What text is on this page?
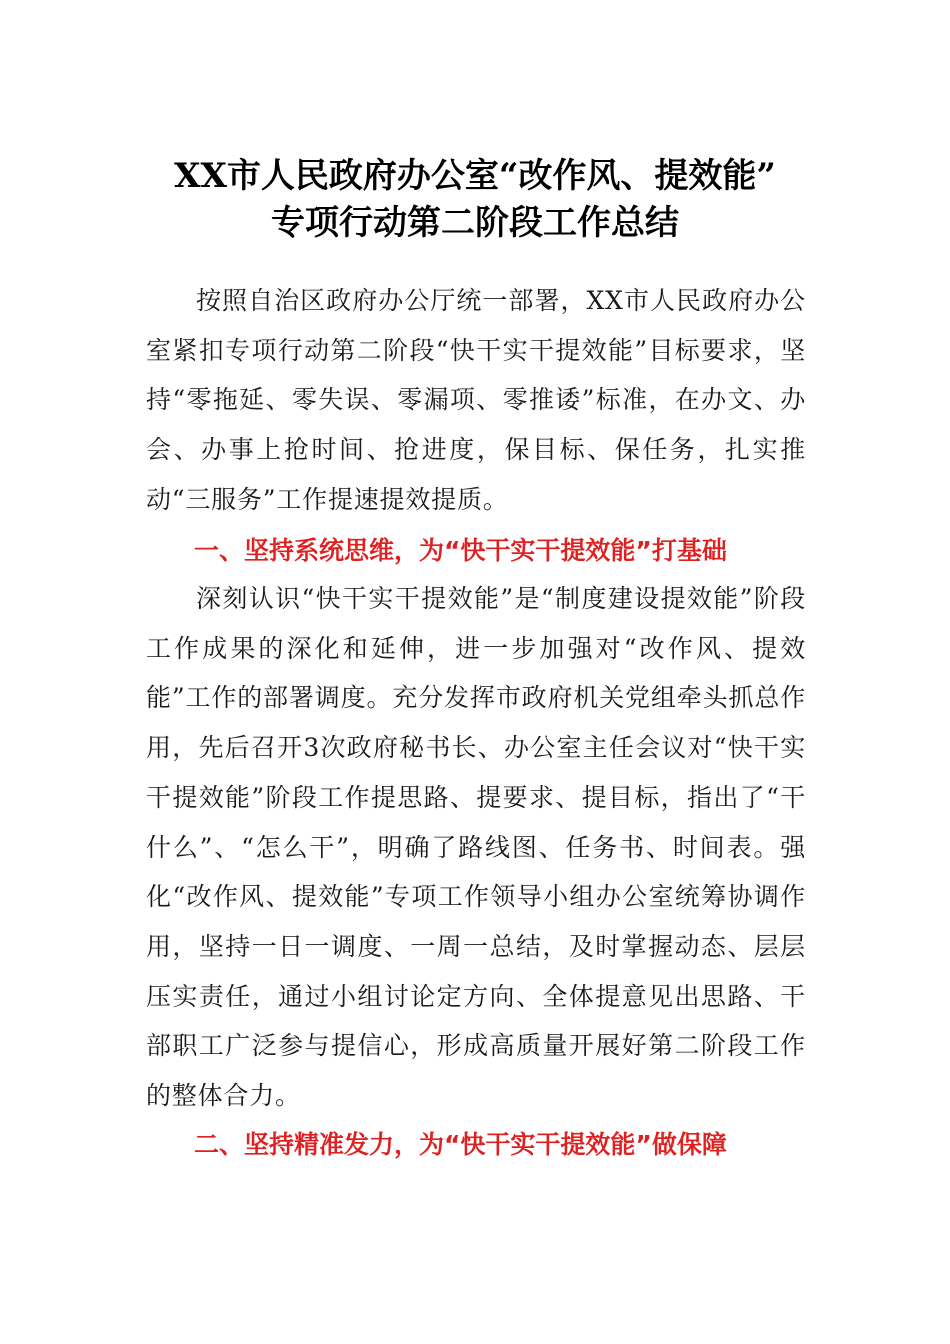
XX市人民政府办公室“改作风、提效能”
专项行动第二阶段工作总结

按照自治区政府办公厅统一部署，XX市人民政府办公室紧扣专项行动第二阶段“快干实干提效能”目标要求，坚持“零拖延、零失误、零漏项、零推诿”标准，在办文、办会、办事上抢时间、抢进度，保目标、保任务，扎实推动“三服务”工作提速提效提质。

一、坚持系统思维，为“快干实干提效能”打基础

深刻认识“快干实干提效能”是“制度建设提效能”阶段工作成果的深化和延伸，进一步加强对“改作风、提效能”工作的部署调度。充分发挥市政府机关党组牵头抓总作用，先后召开3次政府秘书长、办公室主任会议对“快干实干提效能”阶段工作提思路、提要求、提目标，指出了“干什么”、“怎么干”，明确了路线图、任务书、时间表。强化“改作风、提效能”专项工作领导小组办公室统筹协调作用，坚持一日一调度、一周一总结，及时掌握动态、层层压实责任，通过小组讨论定方向、全体提意见出思路、干部职工广泛参与提信心，形成高质量开展好第二阶段工作的整体合力。

二、坚持精准发力，为“快干实干提效能”做保障
